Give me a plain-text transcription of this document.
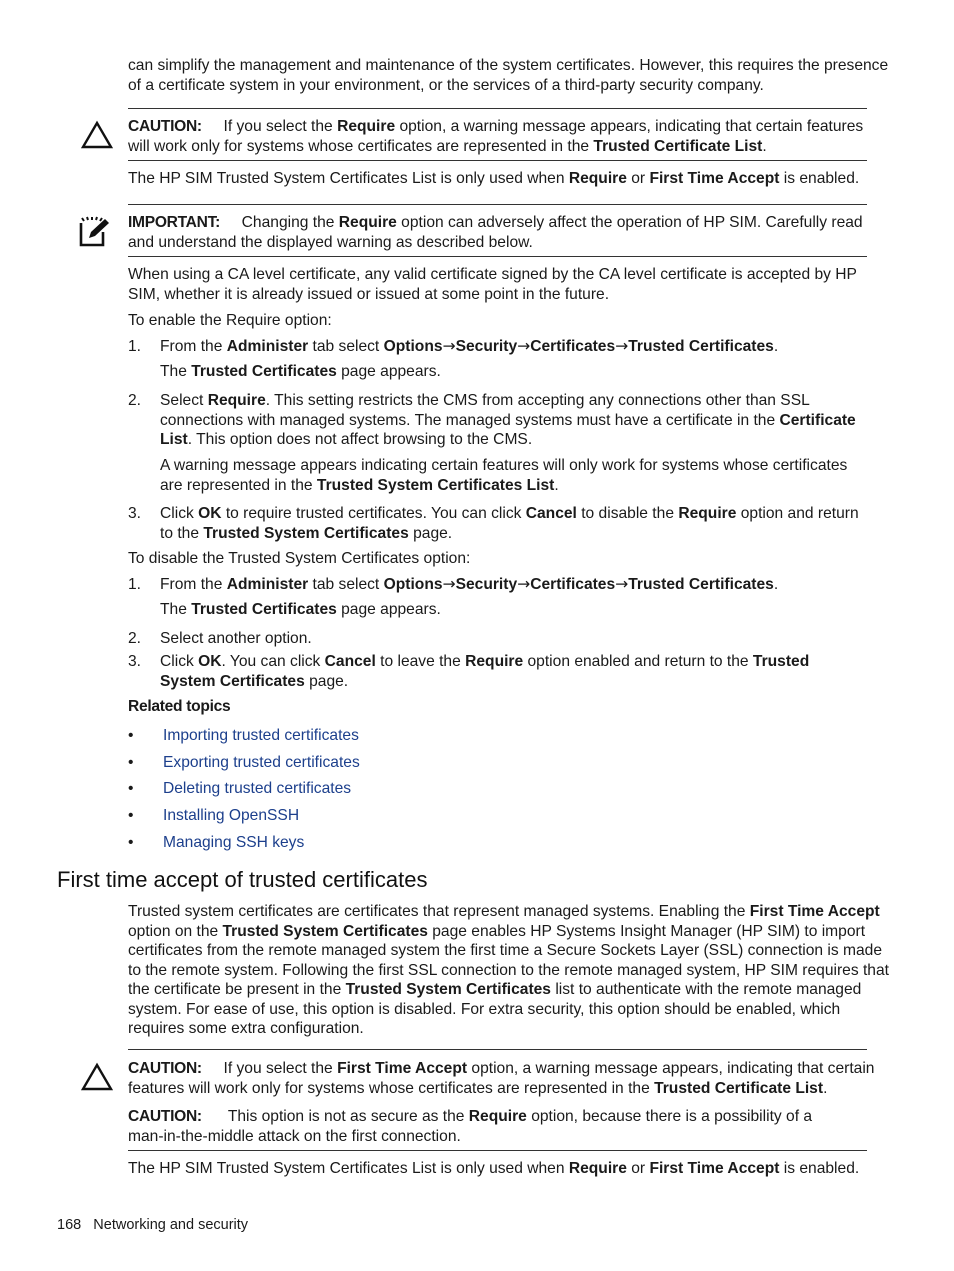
can simplify the management and maintenance of the system certificates. However, this requires the presence
of a certificate system in your environment, or the services of a third-party security company.
CAUTION: If you select the Require option, a warning message appears, indicating that certain features
will work only for systems whose certificates are represented in the Trusted Certificate List.
The HP SIM Trusted System Certificates List is only used when Require or First Time Accept is enabled.
IMPORTANT: Changing the Require option can adversely affect the operation of HP SIM. Carefully read
and understand the displayed warning as described below.
When using a CA level certificate, any valid certificate signed by the CA level certificate is accepted by HP
SIM, whether it is already issued or issued at some point in the future.
To enable the Require option:
1. From the Administer tab select Options→Security→Certificates→Trusted Certificates.
The Trusted Certificates page appears.
2. Select Require. This setting restricts the CMS from accepting any connections other than SSL connections with managed systems. The managed systems must have a certificate in the Certificate List. This option does not affect browsing to the CMS.
A warning message appears indicating certain features will only work for systems whose certificates are represented in the Trusted System Certificates List.
3. Click OK to require trusted certificates. You can click Cancel to disable the Require option and return to the Trusted System Certificates page.
To disable the Trusted System Certificates option:
1. From the Administer tab select Options→Security→Certificates→Trusted Certificates.
The Trusted Certificates page appears.
2. Select another option.
3. Click OK. You can click Cancel to leave the Require option enabled and return to the Trusted System Certificates page.
Related topics
• Importing trusted certificates
• Exporting trusted certificates
• Deleting trusted certificates
• Installing OpenSSH
• Managing SSH keys
First time accept of trusted certificates
Trusted system certificates are certificates that represent managed systems. Enabling the First Time Accept
option on the Trusted System Certificates page enables HP Systems Insight Manager (HP SIM) to import
certificates from the remote managed system the first time a Secure Sockets Layer (SSL) connection is made
to the remote system. Following the first SSL connection to the remote managed system, HP SIM requires that
the certificate be present in the Trusted System Certificates list to authenticate with the remote managed
system. For ease of use, this option is disabled. For extra security, this option should be enabled, which
requires some extra configuration.
CAUTION: If you select the First Time Accept option, a warning message appears, indicating that certain
features will work only for systems whose certificates are represented in the Trusted Certificate List.
CAUTION: This option is not as secure as the Require option, because there is a possibility of a
man-in-the-middle attack on the first connection.
The HP SIM Trusted System Certificates List is only used when Require or First Time Accept is enabled.
168 Networking and security
